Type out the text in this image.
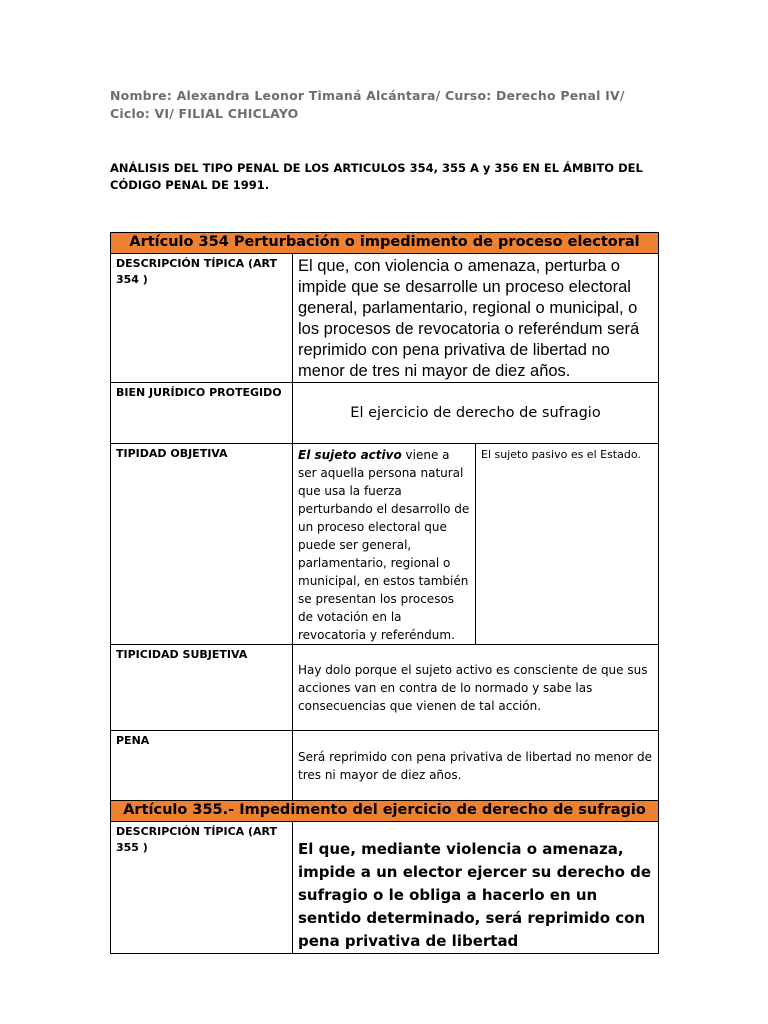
Nombre: Alexandra Leonor Timaná Alcántara/ Curso: Derecho Penal IV/ Ciclo: VI/ FILIAL CHICLAYO
ANÁLISIS DEL TIPO PENAL DE LOS ARTICULOS 354, 355 A y 356 EN EL ÁMBITO DEL CÓDIGO PENAL DE 1991.
Artículo 354 Perturbación o impedimento de proceso electoral		
DESCRIPCIÓN TÍPICA (ART 354 )	El que, con violencia o amenaza, perturba o impide que se desarrolle un proceso electoral general, parlamentario, regional o municipal, o los procesos de revocatoria o referéndum será reprimido con pena privativa de libertad no menor de tres ni mayor de diez años.	
BIEN JURÍDICO PROTEGIDO	El ejercicio de derecho de sufragio	
TIPIDAD OBJETIVA	El sujeto activo viene a ser aquella persona natural que usa la fuerza perturbando el desarrollo de un proceso electoral que puede ser general, parlamentario, regional o municipal, en estos también se presentan los procesos de votación en la revocatoria y referéndum.	El sujeto pasivo es el Estado.
TIPICIDAD SUBJETIVA	Hay dolo porque el sujeto activo es consciente de que sus acciones van en contra de lo normado y sabe las consecuencias que vienen de tal acción.	
PENA	Será reprimido con pena privativa de libertad no menor de tres ni mayor de diez años.	
Artículo 355.- Impedimento del ejercicio de derecho de sufragio		
DESCRIPCIÓN TÍPICA (ART 355 )	El que, mediante violencia o amenaza, impide a un elector ejercer su derecho de sufragio o le obliga a hacerlo en un sentido determinado, será reprimido con pena privativa de libertad	
